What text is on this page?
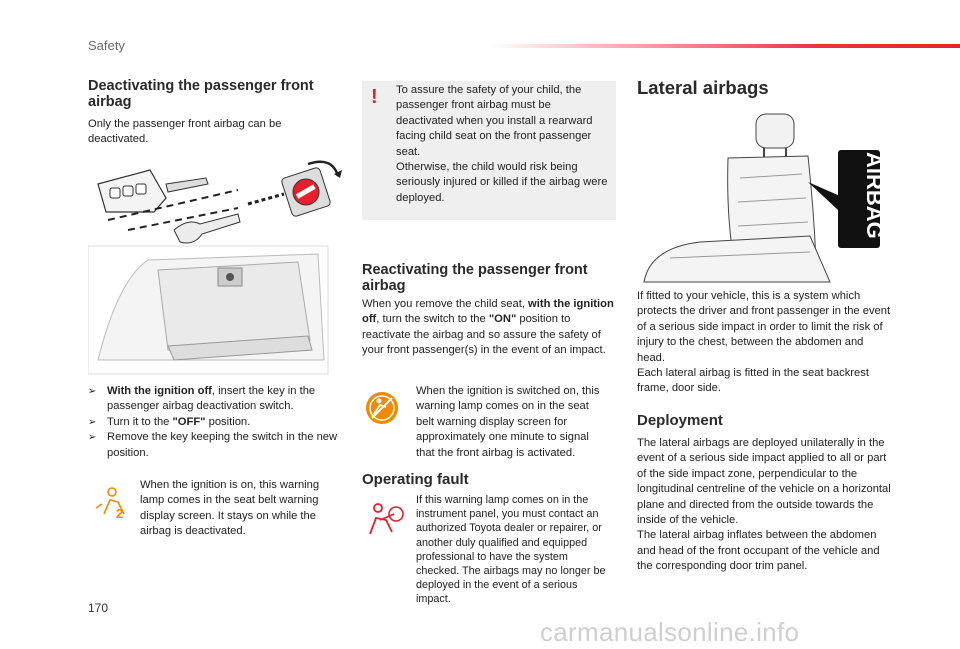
Safety
Deactivating the passenger front airbag
Only the passenger front airbag can be deactivated.
➢ With the ignition off, insert the key in the passenger airbag deactivation switch.
➢ Turn it to the "OFF" position.
➢ Remove the key keeping the switch in the new position.
2
When the ignition is on, this warning lamp comes in the seat belt warning display screen. It stays on while the airbag is deactivated.
!	To assure the safety of your child, the passenger front airbag must be deactivated when you install a rearward facing child seat on the front passenger seat.
Otherwise, the child would risk being seriously injured or killed if the airbag were deployed.
Reactivating the passenger front airbag
When you remove the child seat, with the ignition off, turn the switch to the "ON" position to reactivate the airbag and so assure the safety of your front passenger(s) in the event of an impact.
When the ignition is switched on, this warning lamp comes on in the seat belt warning display screen for approximately one minute to signal that the front airbag is activated.
Operating fault
If this warning lamp comes on in the instrument panel, you must contact an authorized Toyota dealer or repairer, or another duly qualified and equipped professional to have the system checked. The airbags may no longer be deployed in the event of a serious impact.
Lateral airbags
AIRBAG
If fitted to your vehicle, this is a system which protects the driver and front passenger in the event of a serious side impact in order to limit the risk of injury to the chest, between the abdomen and head.
Each lateral airbag is fitted in the seat backrest frame, door side.
Deployment
The lateral airbags are deployed unilaterally in the event of a serious side impact applied to all or part of the side impact zone, perpendicular to the longitudinal centreline of the vehicle on a horizontal plane and directed from the outside towards the inside of the vehicle.
The lateral airbag inflates between the abdomen and head of the front occupant of the vehicle and the corresponding door trim panel.
170
carmanualsonline.info
